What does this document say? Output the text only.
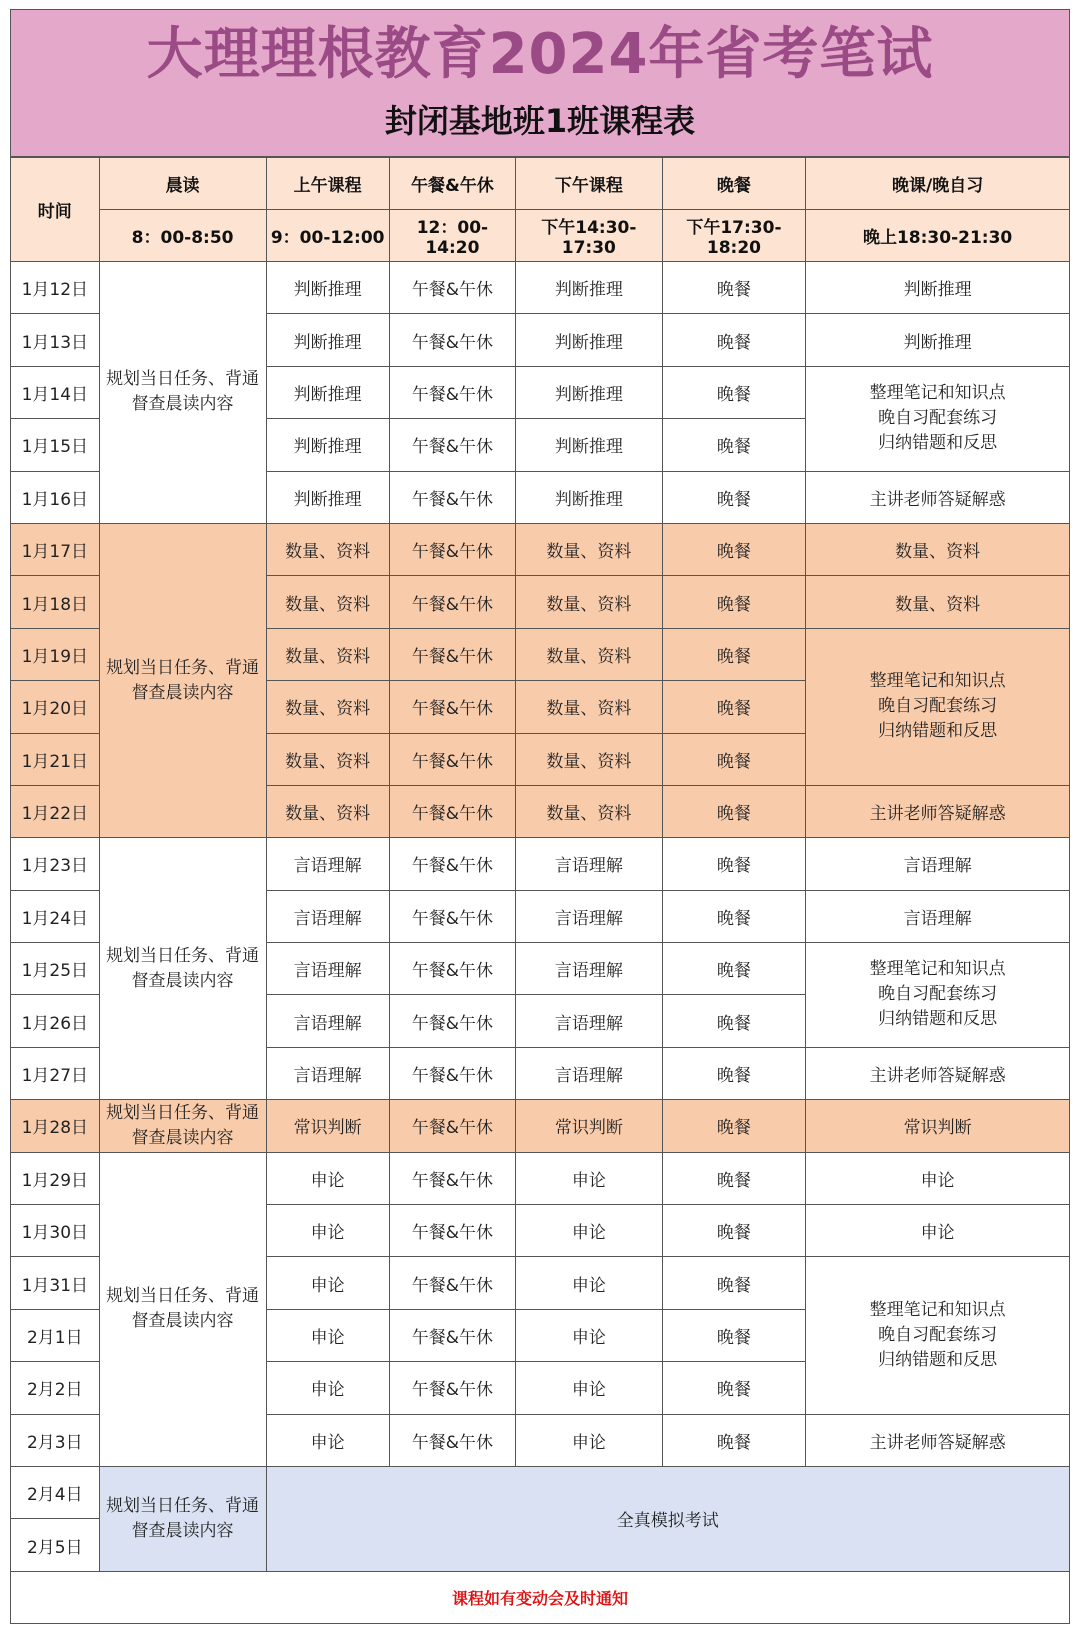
大理理根教育2024年省考笔试
封闭基地班1班课程表
时间	晨读	上午课程	午餐&午休	下午课程	晚餐	晚课/晚自习
	8：00-8:50	9：00-12:00	12：00-14:20	下午14:30-17:30	下午17:30-18:20	晚上18:30-21:30
1月12日	规划当日任务、背通督查晨读内容	判断推理	午餐&午休	判断推理	晚餐	判断推理
1月13日		判断推理	午餐&午休	判断推理	晚餐	判断推理
1月14日		判断推理	午餐&午休	判断推理	晚餐	整理笔记和知识点
晚自习配套练习
归纳错题和反思
1月15日		判断推理	午餐&午休	判断推理	晚餐	
1月16日		判断推理	午餐&午休	判断推理	晚餐	主讲老师答疑解惑
1月17日	规划当日任务、背通督查晨读内容	数量、资料	午餐&午休	数量、资料	晚餐	数量、资料
1月18日		数量、资料	午餐&午休	数量、资料	晚餐	数量、资料
1月19日		数量、资料	午餐&午休	数量、资料	晚餐	整理笔记和知识点
晚自习配套练习
归纳错题和反思
1月20日		数量、资料	午餐&午休	数量、资料	晚餐	
1月21日		数量、资料	午餐&午休	数量、资料	晚餐	
1月22日		数量、资料	午餐&午休	数量、资料	晚餐	主讲老师答疑解惑
1月23日	规划当日任务、背通督查晨读内容	言语理解	午餐&午休	言语理解	晚餐	言语理解
1月24日		言语理解	午餐&午休	言语理解	晚餐	言语理解
1月25日		言语理解	午餐&午休	言语理解	晚餐	整理笔记和知识点
晚自习配套练习
归纳错题和反思
1月26日		言语理解	午餐&午休	言语理解	晚餐	
1月27日		言语理解	午餐&午休	言语理解	晚餐	主讲老师答疑解惑
1月28日	规划当日任务、背通督查晨读内容	常识判断	午餐&午休	常识判断	晚餐	常识判断
1月29日	规划当日任务、背通督查晨读内容	申论	午餐&午休	申论	晚餐	申论
1月30日		申论	午餐&午休	申论	晚餐	申论
1月31日		申论	午餐&午休	申论	晚餐	整理笔记和知识点
晚自习配套练习
归纳错题和反思
2月1日		申论	午餐&午休	申论	晚餐	
2月2日		申论	午餐&午休	申论	晚餐	
2月3日		申论	午餐&午休	申论	晚餐	主讲老师答疑解惑
2月4日	规划当日任务、背通督查晨读内容	全真模拟考试				
2月5日						
课程如有变动会及时通知						
